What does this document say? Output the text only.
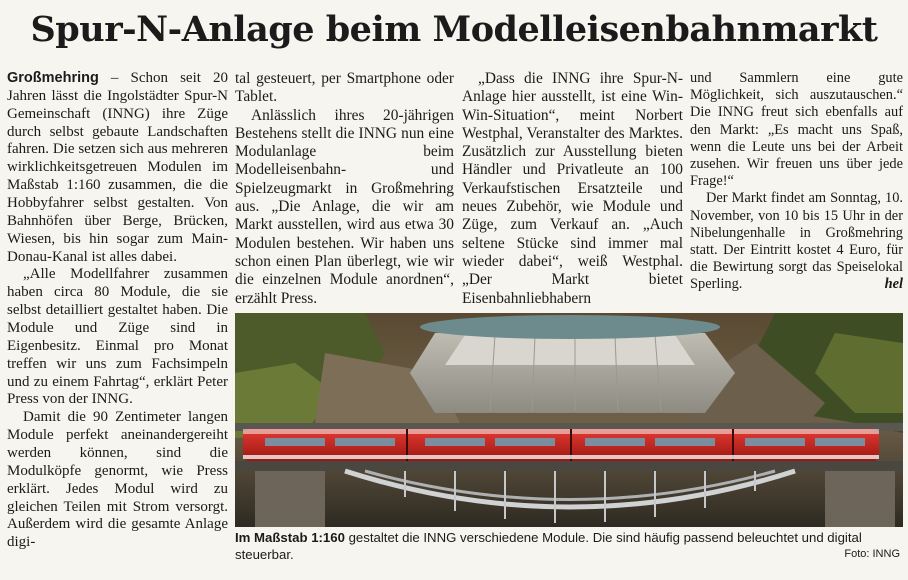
Spur-N-Anlage beim Modelleisenbahnmarkt

Großmehring – Schon seit 20 Jahren lässt die Ingolstädter Spur-N Gemeinschaft (INNG) ihre Züge durch selbst gebaute Landschaften fahren. Die setzen sich aus mehreren wirklichkeitsgetreuen Modulen im Maßstab 1:160 zusammen, die die Hobbyfahrer selbst gestalten. Von Bahnhöfen über Berge, Brücken, Wiesen, bis hin sogar zum Main-Donau-Kanal ist alles dabei.

„Alle Modellfahrer zusammen haben circa 80 Module, die sie selbst detailliert gestaltet haben. Die Module und Züge sind in Eigenbesitz. Einmal pro Monat treffen wir uns zum Fachsimpeln und zu einem Fahrtag“, erklärt Peter Press von der INNG.

Damit die 90 Zentimeter langen Module perfekt aneinandergereiht werden können, sind die Modulköpfe genormt, wie Press erklärt. Jedes Modul wird zu gleichen Teilen mit Strom versorgt. Außerdem wird die gesamte Anlage digi-

tal gesteuert, per Smartphone oder Tablet.

Anlässlich ihres 20-jährigen Bestehens stellt die INNG nun eine Modulanlage beim Modelleisenbahn- und Spielzeugmarkt in Großmehring aus. „Die Anlage, die wir am Markt ausstellen, wird aus etwa 30 Modulen bestehen. Wir haben uns schon einen Plan überlegt, wie wir die einzelnen Module anordnen“, erzählt Press.

„Dass die INNG ihre Spur-N-Anlage hier ausstellt, ist eine Win-Win-Situation“, meint Norbert Westphal, Veranstalter des Marktes. Zusätzlich zur Ausstellung bieten Händler und Privatleute an 100 Verkaufstischen Ersatzteile und neues Zubehör, wie Module und Züge, zum Verkauf an. „Auch seltene Stücke sind immer mal wieder dabei“, weiß Westphal. „Der Markt bietet Eisenbahnliebhabern

und Sammlern eine gute Möglichkeit, sich auszutauschen.“ Die INNG freut sich ebenfalls auf den Markt: „Es macht uns Spaß, wenn die Leute uns bei der Arbeit zusehen. Wir freuen uns über jede Frage!“

Der Markt findet am Sonntag, 10. November, von 10 bis 15 Uhr in der Nibelungenhalle in Großmehring statt. Der Eintritt kostet 4 Euro, für die Bewirtung sorgt das Speiselokal Sperling.	hel

Im Maßstab 1:160 gestaltet die INNG verschiedene Module. Die sind häufig passend beleuchtet und digital steuerbar.	Foto: INNG
